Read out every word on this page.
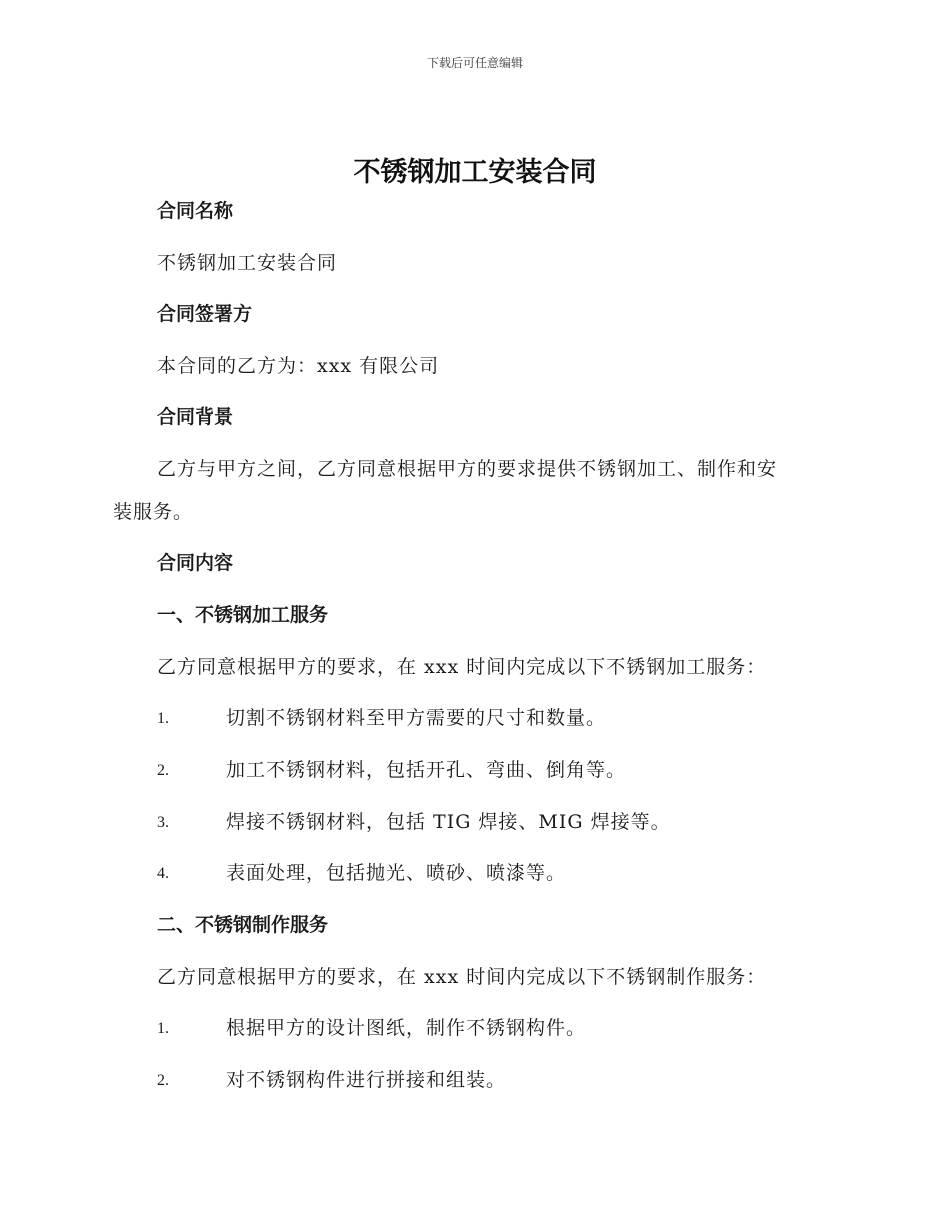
下载后可任意编辑
不锈钢加工安装合同
合同名称
不锈钢加工安装合同
合同签署方
本合同的乙方为：xxx 有限公司
合同背景
乙方与甲方之间，乙方同意根据甲方的要求提供不锈钢加工、制作和安
装服务。
合同内容
一、不锈钢加工服务
乙方同意根据甲方的要求，在 xxx 时间内完成以下不锈钢加工服务：
1.	切割不锈钢材料至甲方需要的尺寸和数量。
2.	加工不锈钢材料，包括开孔、弯曲、倒角等。
3.	焊接不锈钢材料，包括 TIG 焊接、MIG 焊接等。
4.	表面处理，包括抛光、喷砂、喷漆等。
二、不锈钢制作服务
乙方同意根据甲方的要求，在 xxx 时间内完成以下不锈钢制作服务：
1.	根据甲方的设计图纸，制作不锈钢构件。
2.	对不锈钢构件进行拼接和组装。
